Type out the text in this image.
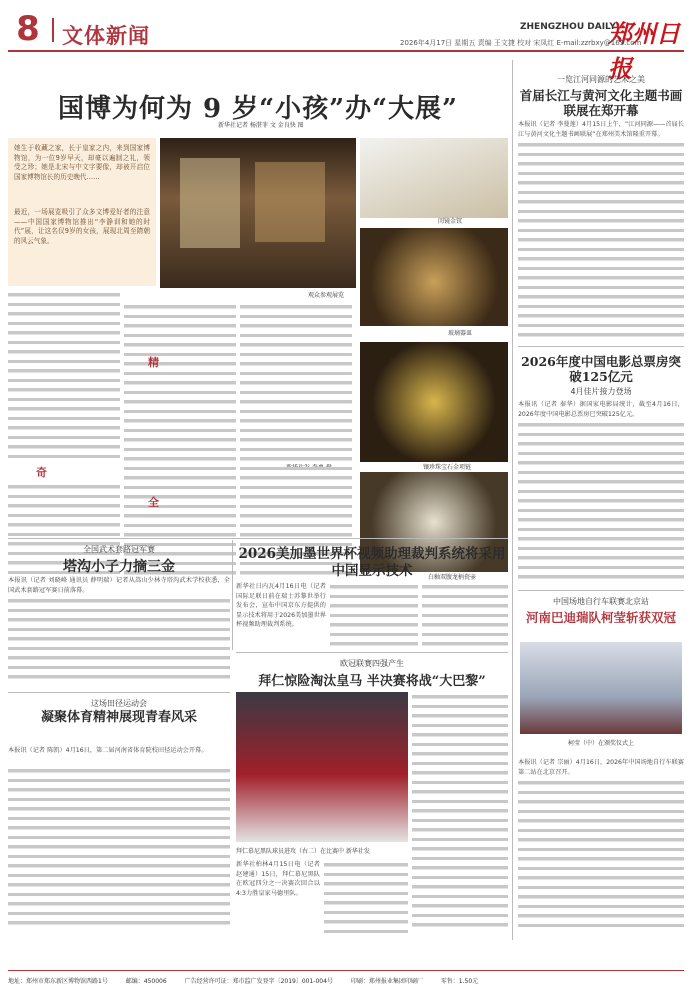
8	文体新闻	ZHENGZHOU DAILY
郑州日报
2026年4月17日 星期五 责编 王文捷 校对 宋凤红 E-mail:zzrbxy@163.com
国博为何为 9 岁“小孩”办“大展”
新华社记者 杨湛菲 文 金良快 图
她生于收藏之家，长于皇家之内，来到国家博物馆，为一位9岁早天，却豪以遍制之礼，领受之珍；她是北宋与中文字要像，却被开启位国家博物馆长的历史晚代……
最近，一场展览吸引了众多文博爱好者的注意——中国国家博物馆推出“李静训和她的时代”展，让这名仅9岁的女孩，展现北周至隋朝的风云气象。
闺镜金钗
观众参观展览
玻璃器皿
镶珍珠宝石金项链
白釉双腹龙柄瓷壶

奇

精
全

一览江河同源的艺术之美
首届长江与黄河文化主题书画联展在郑开幕
本报讯（记者 李曼莲）4月15日上午，“江河同源——首届长江与黄河文化主题书画联展”在郑州美术馆隆重开幕。

2026年度中国电影总票房突破125亿元
4月佳片接力登场
本报讯（记者 秦华）据国家电影局统计，截至4月16日，2026年度中国电影总票房已突破125亿元。

中国场地自行车联赛北京站
河南巴迪瑞队柯莹斩获双冠
柯莹（中）在颁奖仪式上
本报讯（记者 宗丽）4月16日，2026年中国场地自行车联赛第二站在北京召开。

全国武术套路冠军赛
塔沟小子力摘三金
本报讯（记者 刘晓峰 通讯员 薛明瑞）记者从嵩山少林寺塔沟武术学校获悉，全国武术套路冠军赛日前落幕。

2026美加墨世界杯视频助理裁判系统将采用中国显示技术
新华社日内瓦4月16日电（记者 国际足联日前在瑞士苏黎世举行发布会，宣布中国京东方提供的显示技术将用于2026美加墨世界杯视频助理裁判系统。

这场田径运动会
凝聚体育精神展现青春风采
本报讯（记者 陈凯）4月16日，第二届河南省体育院校田径运动会开幕。

欧冠联赛四强产生
拜仁惊险淘汰皇马 半决赛将战“大巴黎”
拜仁慕尼黑队球员进攻（右二）在比赛中 新华社发

新华社柏林4月15日电（记者 赵建通）15日，拜仁慕尼黑队在欧冠四分之一决赛次回合以4:3力胜皇家马德里队。

地址：郑州市郑东新区博物馆西路1号	邮编：450006	广告经营许可证：郑市监广发登字〔2019〕001-004号	印刷：郑州报业集团印刷厂	零售：1.50元
